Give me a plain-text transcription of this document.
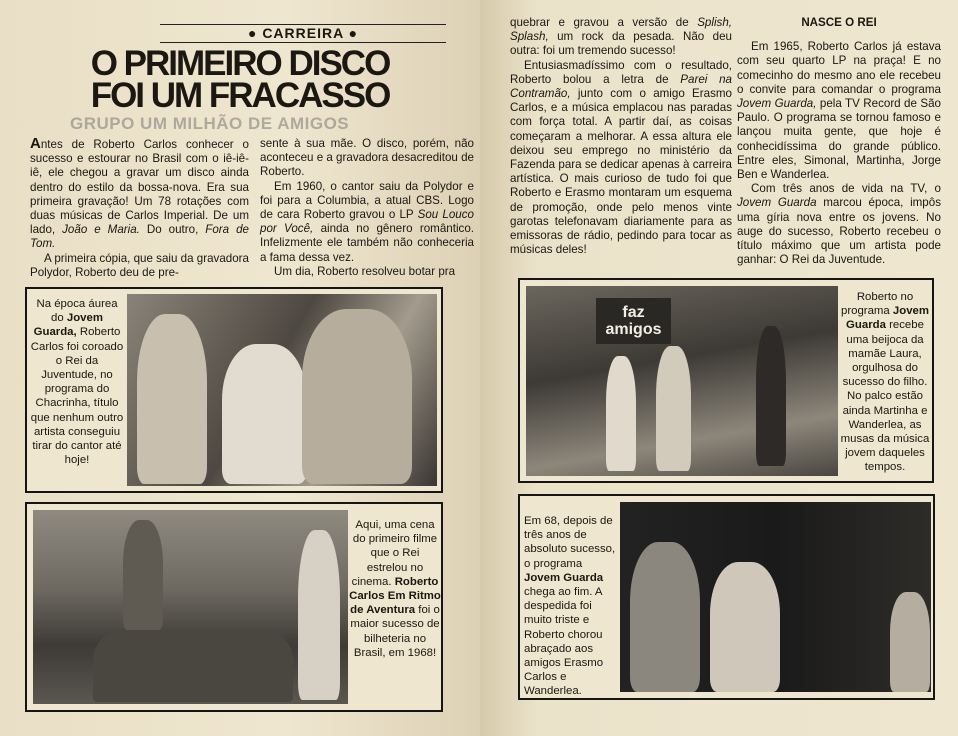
● CARREIRA ●
O PRIMEIRO DISCO
FOI UM FRACASSO
GRUPO UM MILHÃO DE AMIGOS

Antes de Roberto Carlos conhecer o sucesso e estourar no Brasil com o iê-iê-iê, ele chegou a gravar um disco ainda dentro do estilo da bossa-nova. Era sua primeira gravação! Um 78 rotações com duas músicas de Carlos Imperial. De um lado, João e Maria. Do outro, Fora de Tom.

A primeira cópia, que saiu da gravadora Polydor, Roberto deu de pre-

sente à sua mãe. O disco, porém, não aconteceu e a gravadora desacreditou de Roberto.

Em 1960, o cantor saiu da Polydor e foi para a Columbia, a atual CBS. Logo de cara Roberto gravou o LP Sou Louco por Você, ainda no gênero romântico. Infelizmente ele também não conheceria a fama dessa vez.

Um dia, Roberto resolveu botar pra

Na época áurea do Jovem Guarda, Roberto Carlos foi coroado o Rei da Juventude, no programa do Chacrinha, título que nenhum outro artista conseguiu tirar do cantor até hoje!
Aqui, uma cena do primeiro filme que o Rei estrelou no cinema. Roberto Carlos Em Ritmo de Aventura foi o maior sucesso de bilheteria no Brasil, em 1968!

quebrar e gravou a versão de Splish, Splash, um rock da pesada. Não deu outra: foi um tremendo sucesso!

Entusiasmadíssimo com o resultado, Roberto bolou a letra de Parei na Contramão, junto com o amigo Erasmo Carlos, e a música emplacou nas paradas com força total. A partir daí, as coisas começaram a melhorar. A essa altura ele deixou seu emprego no ministério da Fazenda para se dedicar apenas à carreira artística. O mais curioso de tudo foi que Roberto e Erasmo montaram um esquema de promoção, onde pelo menos vinte garotas telefonavam diariamente para as emissoras de rádio, pedindo para tocar as músicas deles!

NASCE O REI

Em 1965, Roberto Carlos já estava com seu quarto LP na praça! E no comecinho do mesmo ano ele recebeu o convite para comandar o programa Jovem Guarda, pela TV Record de São Paulo. O programa se tornou famoso e lançou muita gente, que hoje é conhecidíssima do grande público. Entre eles, Simonal, Martinha, Jorge Ben e Wanderlea.

Com três anos de vida na TV, o Jovem Guarda marcou época, impôs uma gíria nova entre os jovens. No auge do sucesso, Roberto recebeu o título máximo que um artista pode ganhar: O Rei da Juventude.

faz amigos
Roberto no programa Jovem Guarda recebe uma beijoca da mamãe Laura, orgulhosa do sucesso do filho. No palco estão ainda Martinha e Wanderlea, as musas da música jovem daqueles tempos.
Em 68, depois de três anos de absoluto sucesso, o programa Jovem Guarda chega ao fim. A despedida foi muito triste e Roberto chorou abraçado aos amigos Erasmo Carlos e Wanderlea.
